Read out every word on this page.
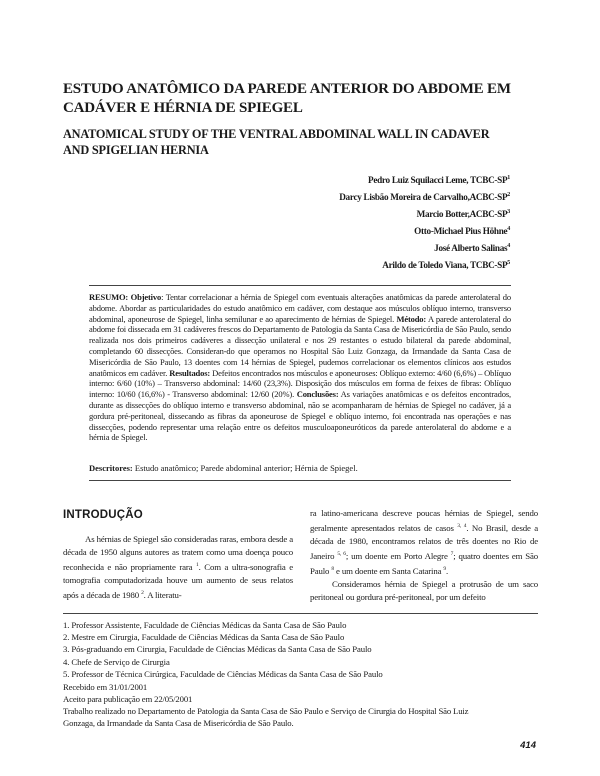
ESTUDO ANATÔMICO DA PAREDE ANTERIOR DO ABDOME EM
CADÁVER E HÉRNIA DE SPIEGEL
ANATOMICAL STUDY OF THE VENTRAL ABDOMINAL WALL IN CADAVER
AND SPIGELIAN HERNIA
Pedro Luiz Squilacci Leme, TCBC-$SP^1$
Darcy Lisbão Moreira de $Carvalho,ACBC-SP^2$
Marcio $Botter,ACBC-SP^3$
Otto-Michael Pius Höhne$^4$
José Alberto Salinas$^4$
Arildo de Toledo Viana, TCBC-$SP^5$
RESUMO: Objetivo: Tentar correlacionar a hérnia de Spiegel com eventuais alterações anatômicas da parede anterolateral do abdome. Abordar as particularidades do estudo anatômico em cadáver, com destaque aos músculos oblíquo interno, transverso abdominal, aponeurose de Spiegel, linha semilunar e ao aparecimento de hérnias de Spiegel. Método: A parede anterolateral do abdome foi dissecada em 31 cadáveres frescos do Departamento de Patologia da Santa Casa de Misericórdia de São Paulo, sendo realizada nos dois primeiros cadáveres a dissecção unilateral e nos 29 restantes o estudo bilateral da parede abdominal, completando 60 dissecções. Consideran-do que operamos no Hospital São Luiz Gonzaga, da Irmandade da Santa Casa de Misericórdia de São Paulo, 13 doentes com 14 hérnias de Spiegel, pudemos correlacionar os elementos clínicos aos estudos anatômicos em cadáver. Resultados: Defeitos encontrados nos músculos e aponeuroses: Oblíquo externo: 4/60 (6,6%) – Oblíquo interno: 6/60 (10%) – Transverso abdominal: 14/60 (23,3%). Disposição dos músculos em forma de feixes de fibras: Oblíquo interno: 10/60 (16,6%) - Transverso abdominal: 12/60 (20%). Conclusões: As variações anatômicas e os defeitos encontrados, durante as dissecções do oblíquo interno e transverso abdominal, não se acompanharam de hérnias de Spiegel no cadáver, já a gordura pré-peritoneal, dissecando as fibras da aponeurose de Spiegel e oblíquo interno, foi encontrada nas operações e nas dissecções, podendo representar uma relação entre os defeitos musculoaponeuróticos da parede anterolateral do abdome e a hérnia de Spiegel.
Descritores: Estudo anatômico; Parede abdominal anterior; Hérnia de Spiegel.
INTRODUÇÃO

As hérnias de Spiegel são consideradas raras, embora desde a década de 1950 alguns autores as tratem como uma doença pouco reconhecida e não propriamente rara $^1$. Com a ultra-sonografia e tomografia computadorizada houve um aumento de seus relatos após a década de 1980 $^2$. A literatu-

ra latino-americana descreve poucas hérnias de Spiegel, sendo geralmente apresentados relatos de casos $^{3, 4}$. No Brasil, desde a década de 1980, encontramos relatos de três doentes no Rio de Janeiro $^{5, 6}$; um doente em Porto Alegre $^7$; quatro doentes em São Paulo $^8$ e um doente em Santa Catarina $^9$.

Consideramos hérnia de Spiegel a protrusão de um saco peritoneal ou gordura pré-peritoneal, por um defeito

1. Professor Assistente, Faculdade de Ciências Médicas da Santa Casa de São Paulo
2. Mestre em Cirurgia, Faculdade de Ciências Médicas da Santa Casa de São Paulo
3. Pós-graduando em Cirurgia, Faculdade de Ciências Médicas da Santa Casa de São Paulo
4. Chefe de Serviço de Cirurgia
5. Professor de Técnica Cirúrgica, Faculdade de Ciências Médicas da Santa Casa de São Paulo
Recebido em 31/01/2001
Aceito para publicação em 22/05/2001
Trabalho realizado no Departamento de Patologia da Santa Casa de São Paulo e Serviço de Cirurgia do Hospital São Luiz
Gonzaga, da Irmandade da Santa Casa de Misericórdia de São Paulo.
414
